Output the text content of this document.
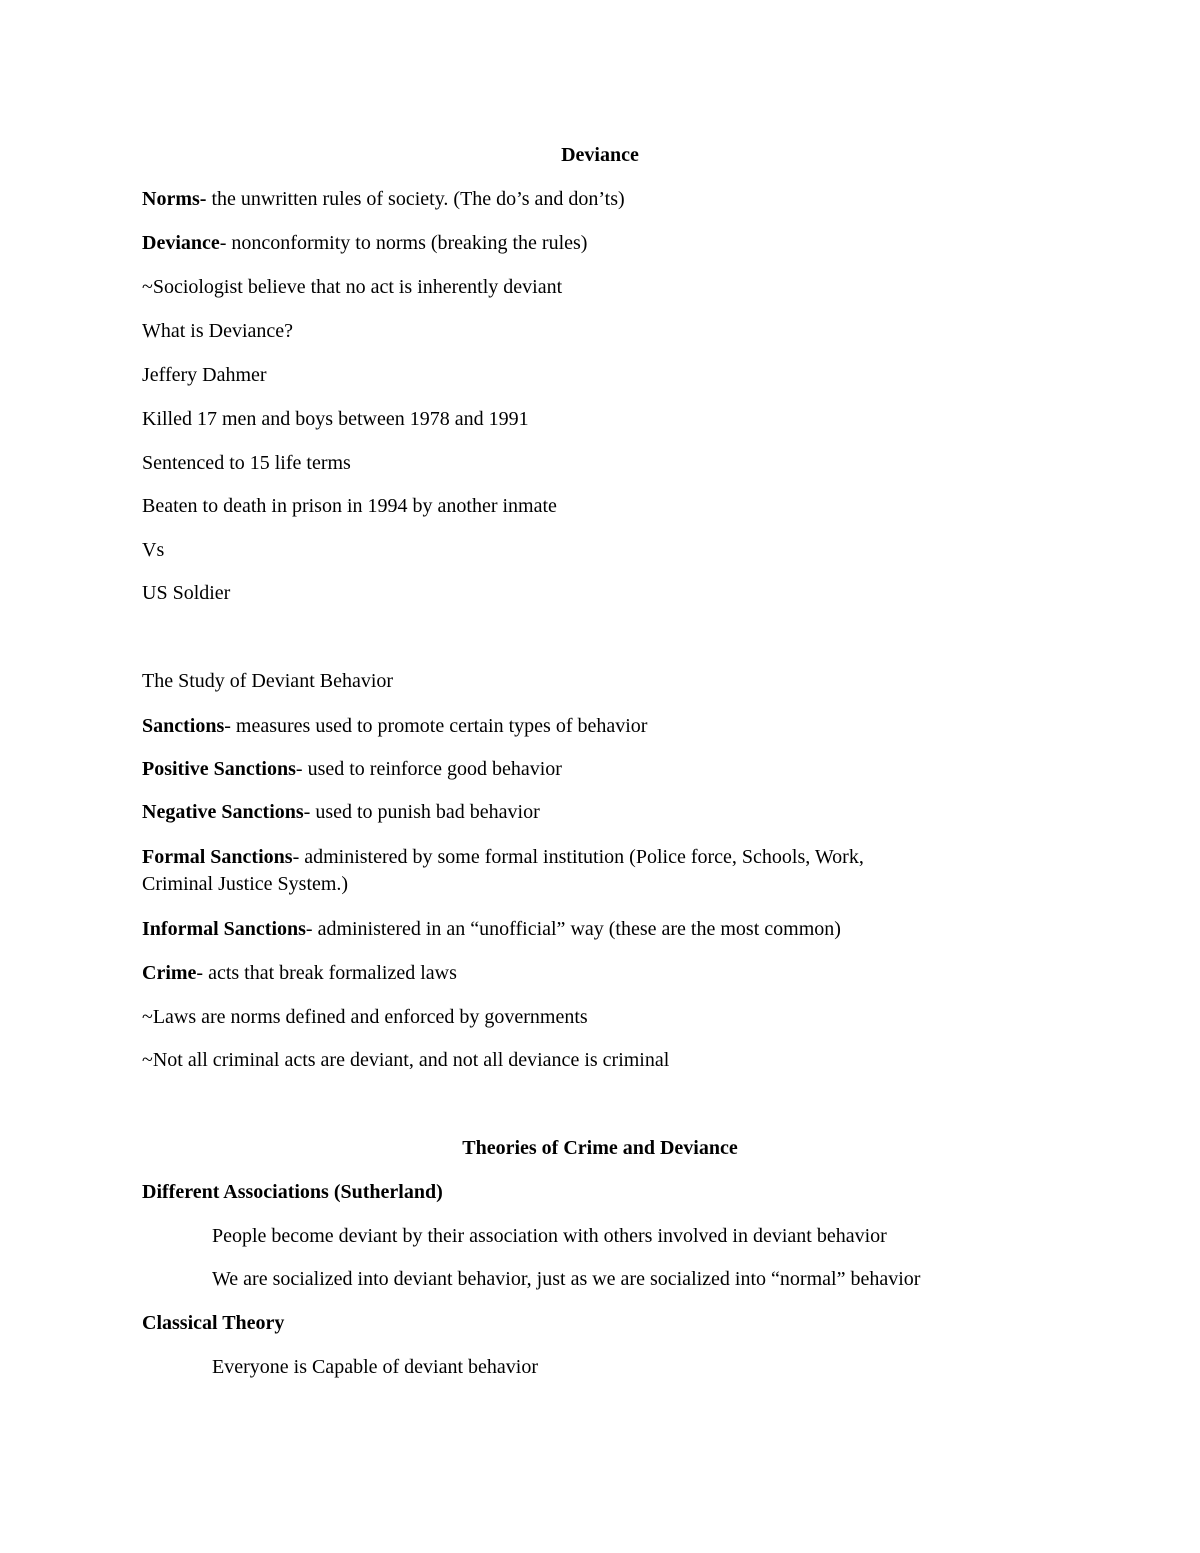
Deviance
Norms- the unwritten rules of society. (The do’s and don’ts)
Deviance- nonconformity to norms (breaking the rules)
~Sociologist believe that no act is inherently deviant
What is Deviance?
Jeffery Dahmer
Killed 17 men and boys between 1978 and 1991
Sentenced to 15 life terms
Beaten to death in prison in 1994 by another inmate
Vs
US Soldier
The Study of Deviant Behavior
Sanctions- measures used to promote certain types of behavior
Positive Sanctions- used to reinforce good behavior
Negative Sanctions- used to punish bad behavior
Formal Sanctions- administered by some formal institution (Police force, Schools, Work,
Criminal Justice System.)
Informal Sanctions- administered in an “unofficial” way (these are the most common)
Crime- acts that break formalized laws
~Laws are norms defined and enforced by governments
~Not all criminal acts are deviant, and not all deviance is criminal
Theories of Crime and Deviance
Different Associations (Sutherland)
People become deviant by their association with others involved in deviant behavior
We are socialized into deviant behavior, just as we are socialized into “normal” behavior
Classical Theory
Everyone is Capable of deviant behavior
